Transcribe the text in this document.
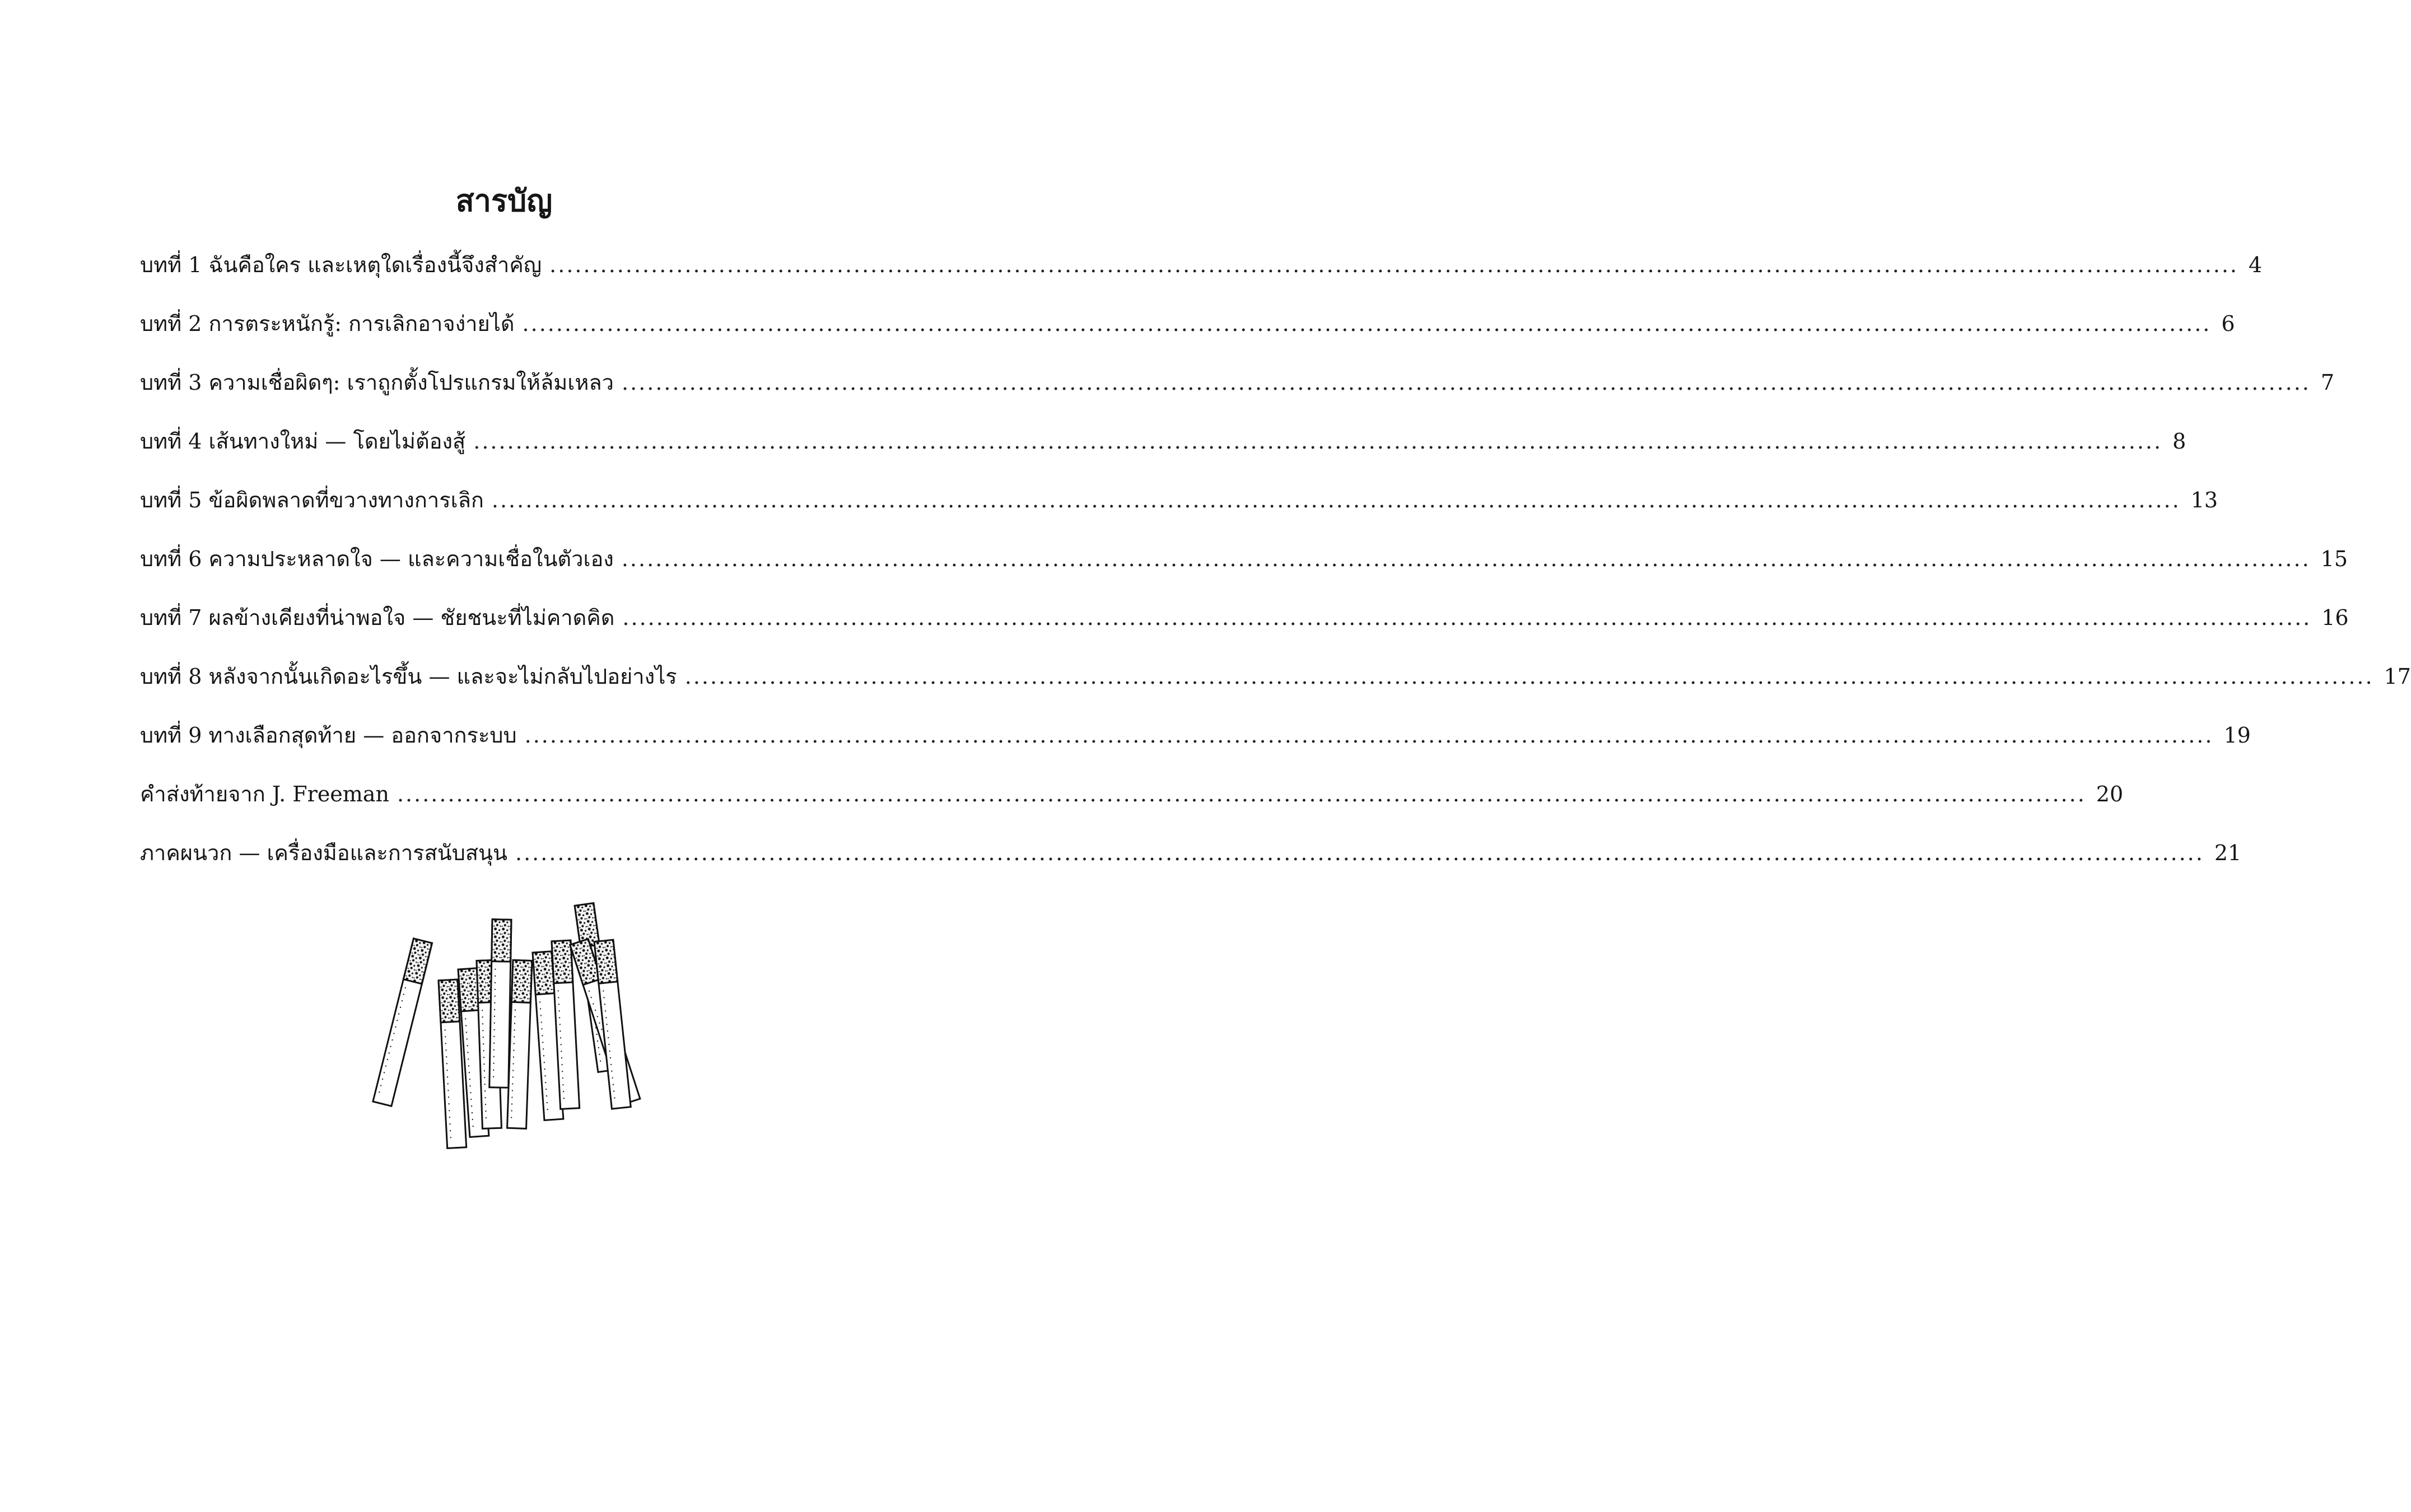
สารบัญ
บทที่ 1 ฉันคือใคร และเหตุใดเรื่องนี้จึงสำคัญ ........................................................................................................................................................................................................ 4
บทที่ 2 การตระหนักรู้: การเลิกอาจง่ายได้ ........................................................................................................................................................................................................ 6
บทที่ 3 ความเชื่อผิดๆ: เราถูกตั้งโปรแกรมให้ล้มเหลว ........................................................................................................................................................................................................ 7
บทที่ 4 เส้นทางใหม่ — โดยไม่ต้องสู้ ........................................................................................................................................................................................................ 8
บทที่ 5 ข้อผิดพลาดที่ขวางทางการเลิก ........................................................................................................................................................................................................ 13
บทที่ 6 ความประหลาดใจ — และความเชื่อในตัวเอง ........................................................................................................................................................................................................ 15
บทที่ 7 ผลข้างเคียงที่น่าพอใจ — ชัยชนะที่ไม่คาดคิด ........................................................................................................................................................................................................ 16
บทที่ 8 หลังจากนั้นเกิดอะไรขึ้น — และจะไม่กลับไปอย่างไร ........................................................................................................................................................................................................ 17
บทที่ 9 ทางเลือกสุดท้าย — ออกจากระบบ ........................................................................................................................................................................................................ 19
คำส่งท้ายจาก J. Freeman ........................................................................................................................................................................................................ 20
ภาคผนวก — เครื่องมือและการสนับสนุน ........................................................................................................................................................................................................ 21
